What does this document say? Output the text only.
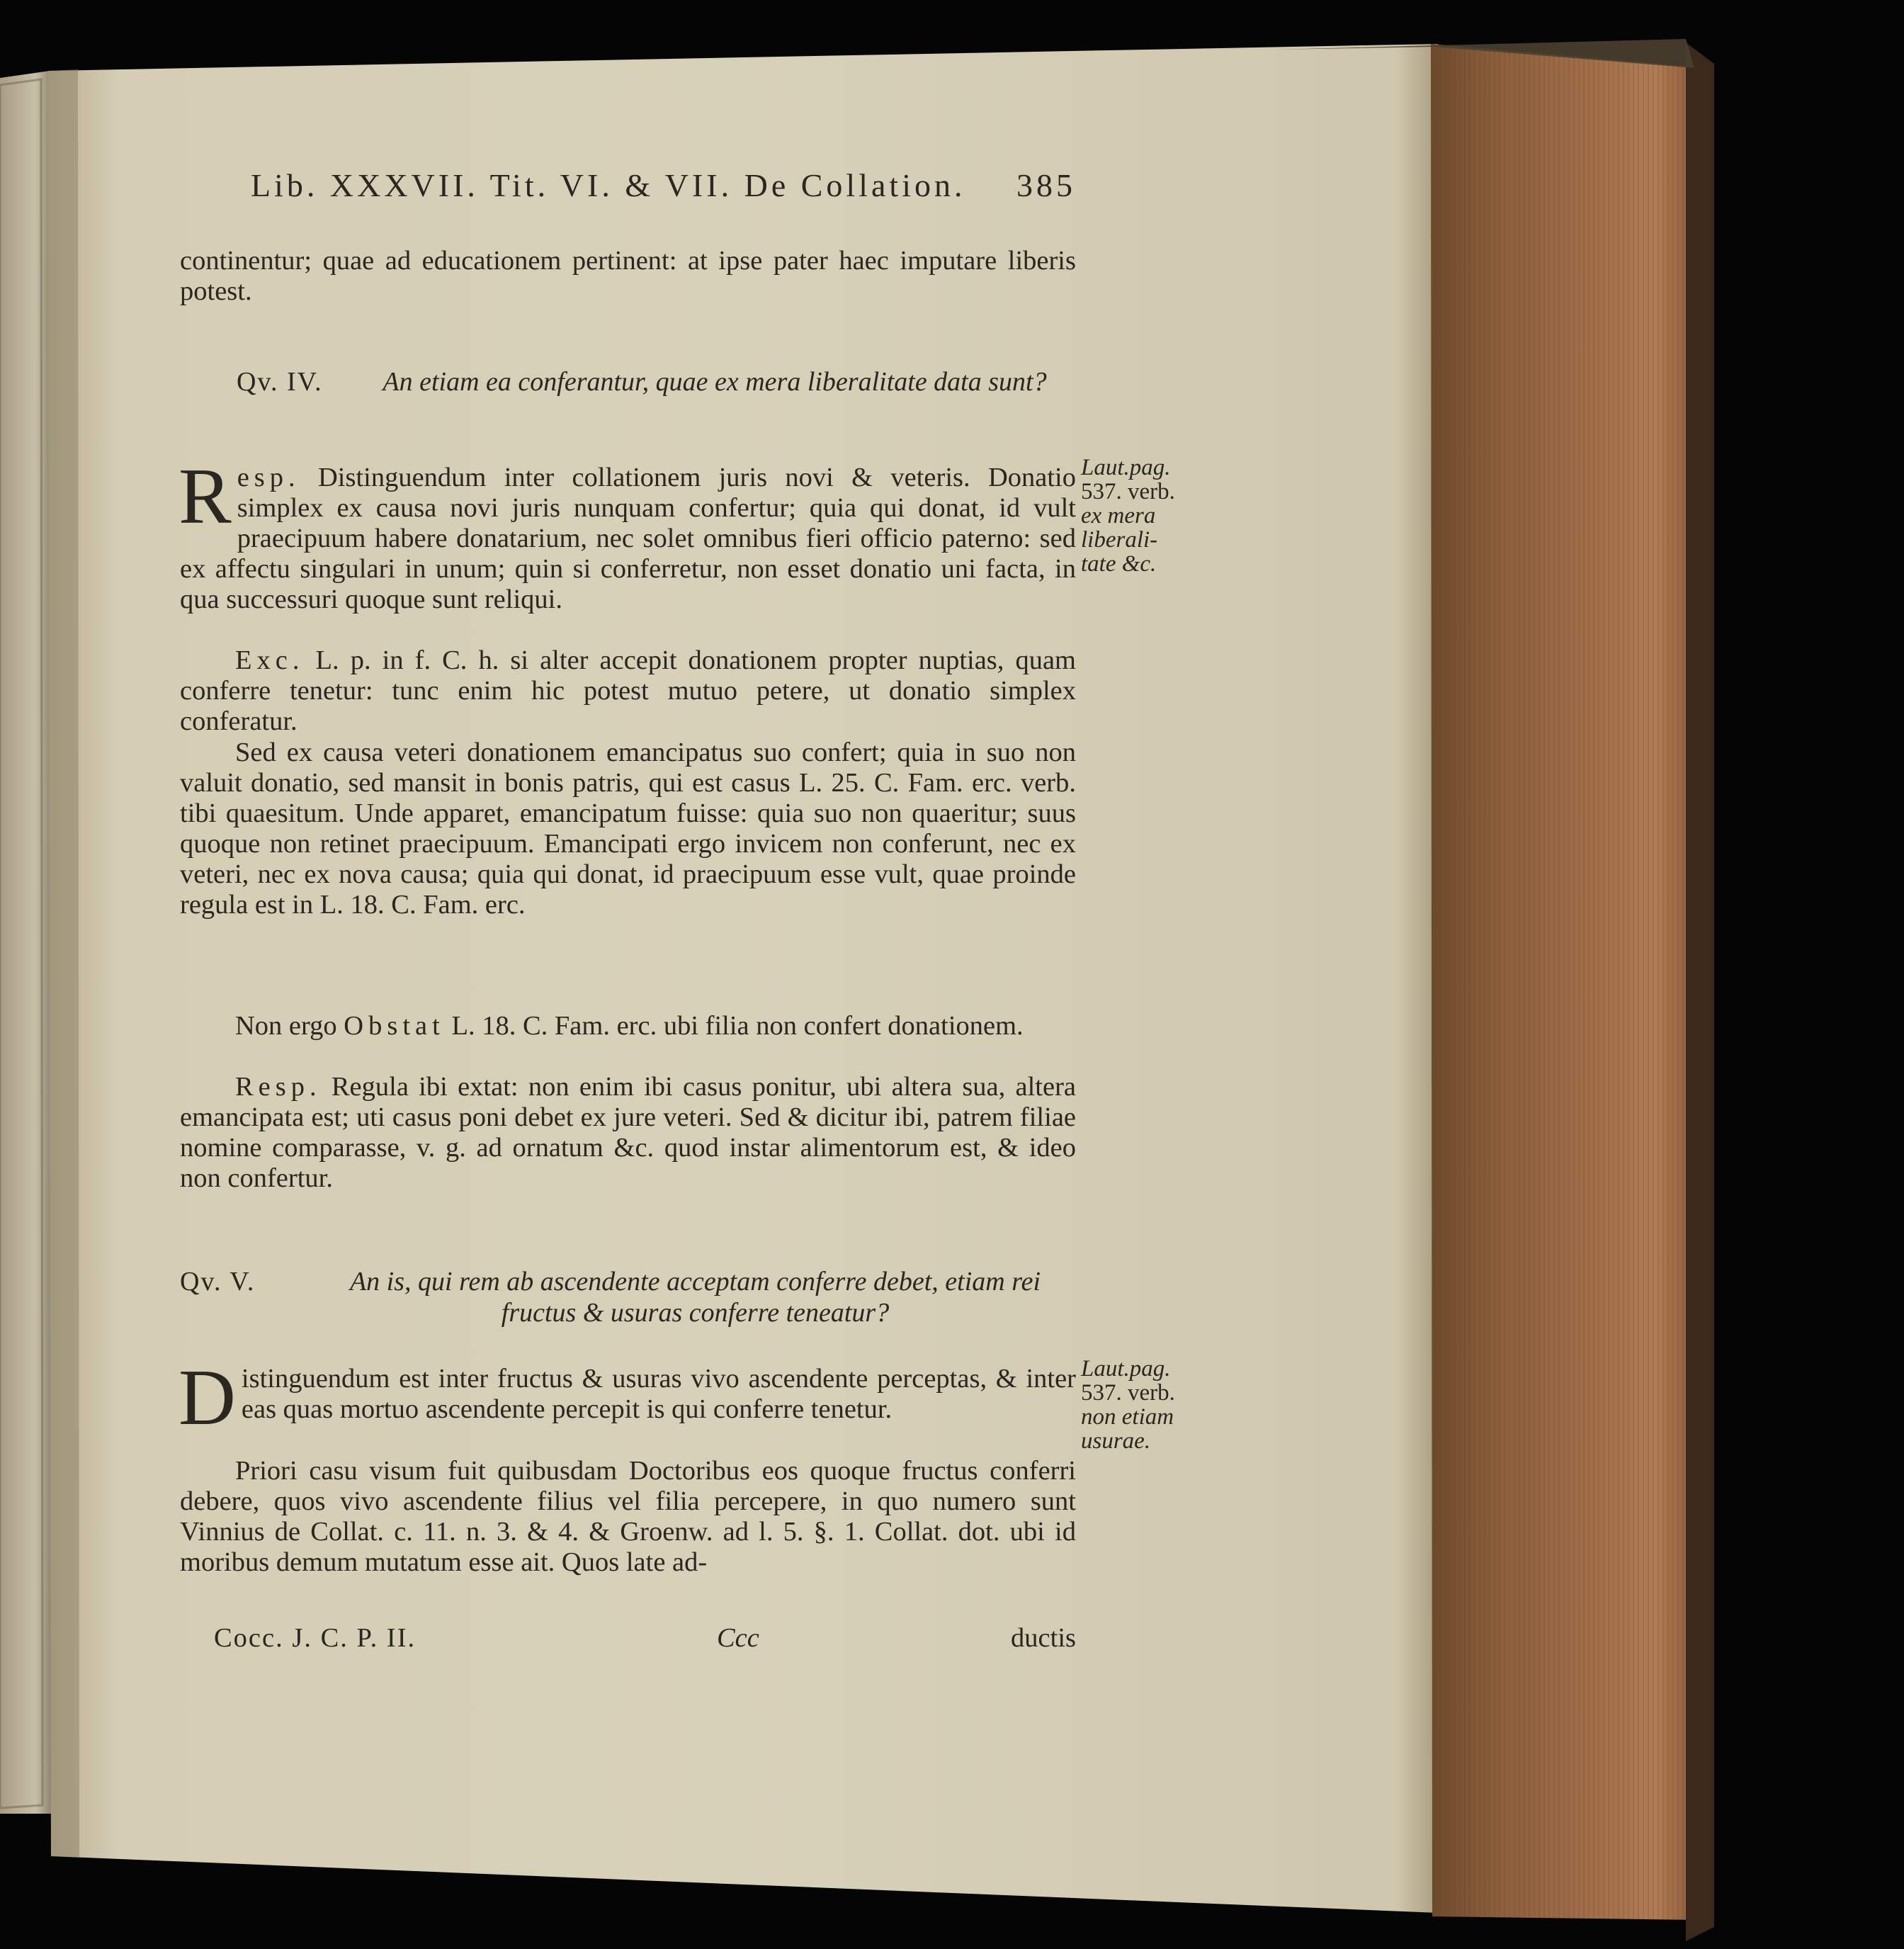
Lib. XXXVII. Tit. VI. & VII. De Collation. 385

continentur; quae ad educationem pertinent: at ipse pater haec imputare liberis potest.

Qv. IV.	An etiam ea conferantur, quae ex mera liberalitate data sunt?

Resp. Distinguendum inter collationem juris novi & veteris. Donatio simplex ex causa novi juris nunquam confertur; quia qui donat, id vult praecipuum habere donatarium, nec solet omnibus fieri officio paterno: sed ex affectu singulari in unum; quin si conferretur, non esset donatio uni facta, in qua successuri quoque sunt reliqui.

Exc. L. p. in f. C. h. si alter accepit donationem propter nuptias, quam conferre tenetur: tunc enim hic potest mutuo petere, ut donatio simplex conferatur.

Sed ex causa veteri donationem emancipatus suo confert; quia in suo non valuit donatio, sed mansit in bonis patris, qui est casus L. 25. C. Fam. erc. verb. tibi quaesitum. Unde apparet, emancipatum fuisse: quia suo non quaeritur; suus quoque non retinet praecipuum. Emancipati ergo invicem non conferunt, nec ex veteri, nec ex nova causa; quia qui donat, id praecipuum esse vult, quae proinde regula est in L. 18. C. Fam. erc.

Non ergo Obstat L. 18. C. Fam. erc. ubi filia non confert donationem.

Resp. Regula ibi extat: non enim ibi casus ponitur, ubi altera sua, altera emancipata est; uti casus poni debet ex jure veteri. Sed & dicitur ibi, patrem filiae nomine comparasse, v. g. ad ornatum &c. quod instar alimentorum est, & ideo non confertur.

Qv. V.	An is, qui rem ab ascendente acceptam conferre debet, etiam rei fructus & usuras conferre teneatur?

Distinguendum est inter fructus & usuras vivo ascendente perceptas, & inter eas quas mortuo ascendente percepit is qui conferre tenetur.

Priori casu visum fuit quibusdam Doctoribus eos quoque fructus conferri debere, quos vivo ascendente filius vel filia percepere, in quo numero sunt Vinnius de Collat. c. 11. n. 3. & 4. & Groenw. ad l. 5. §. 1. Collat. dot. ubi id moribus demum mutatum esse ait. Quos late ad-

Cocc. J. C. P. II.	Ccc	ductis
Laut.pag.
537. verb.
ex mera
liberali-
tate &c.
Laut.pag.
537. verb.
non etiam
usurae.
